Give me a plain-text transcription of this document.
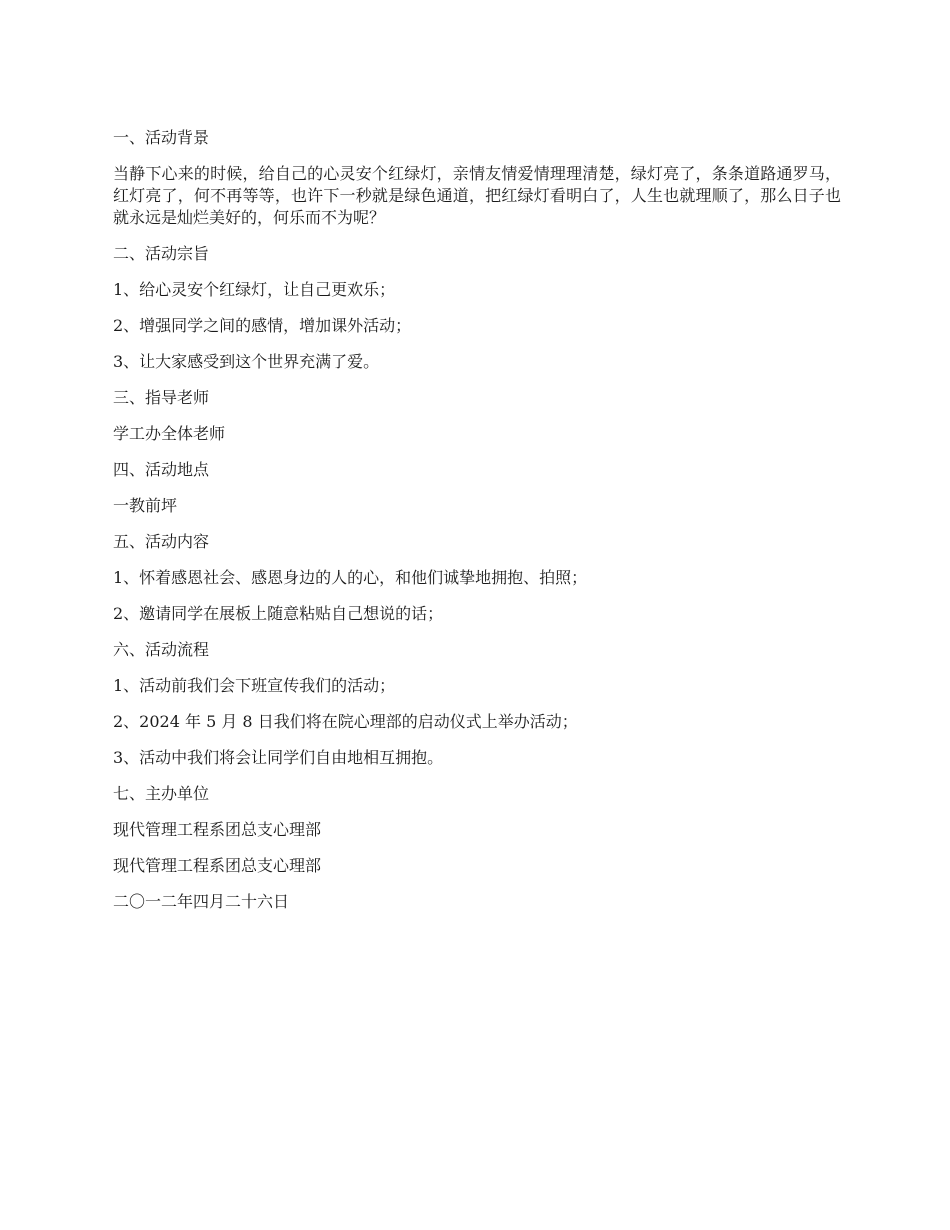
一、活动背景

当静下心来的时候，给自己的心灵安个红绿灯，亲情友情爱情理理清楚，绿灯亮了，条条道路通罗马，红灯亮了，何不再等等，也许下一秒就是绿色通道，把红绿灯看明白了，人生也就理顺了，那么日子也就永远是灿烂美好的，何乐而不为呢？

二、活动宗旨

1、给心灵安个红绿灯，让自己更欢乐；

2、增强同学之间的感情，增加课外活动；

3、让大家感受到这个世界充满了爱。

三、指导老师

学工办全体老师

四、活动地点

一教前坪

五、活动内容

1、怀着感恩社会、感恩身边的人的心，和他们诚挚地拥抱、拍照；

2、邀请同学在展板上随意粘贴自己想说的话；

六、活动流程

1、活动前我们会下班宣传我们的活动；

2、2024 年 5 月 8 日我们将在院心理部的启动仪式上举办活动；

3、活动中我们将会让同学们自由地相互拥抱。

七、主办单位

现代管理工程系团总支心理部

现代管理工程系团总支心理部

二〇一二年四月二十六日
